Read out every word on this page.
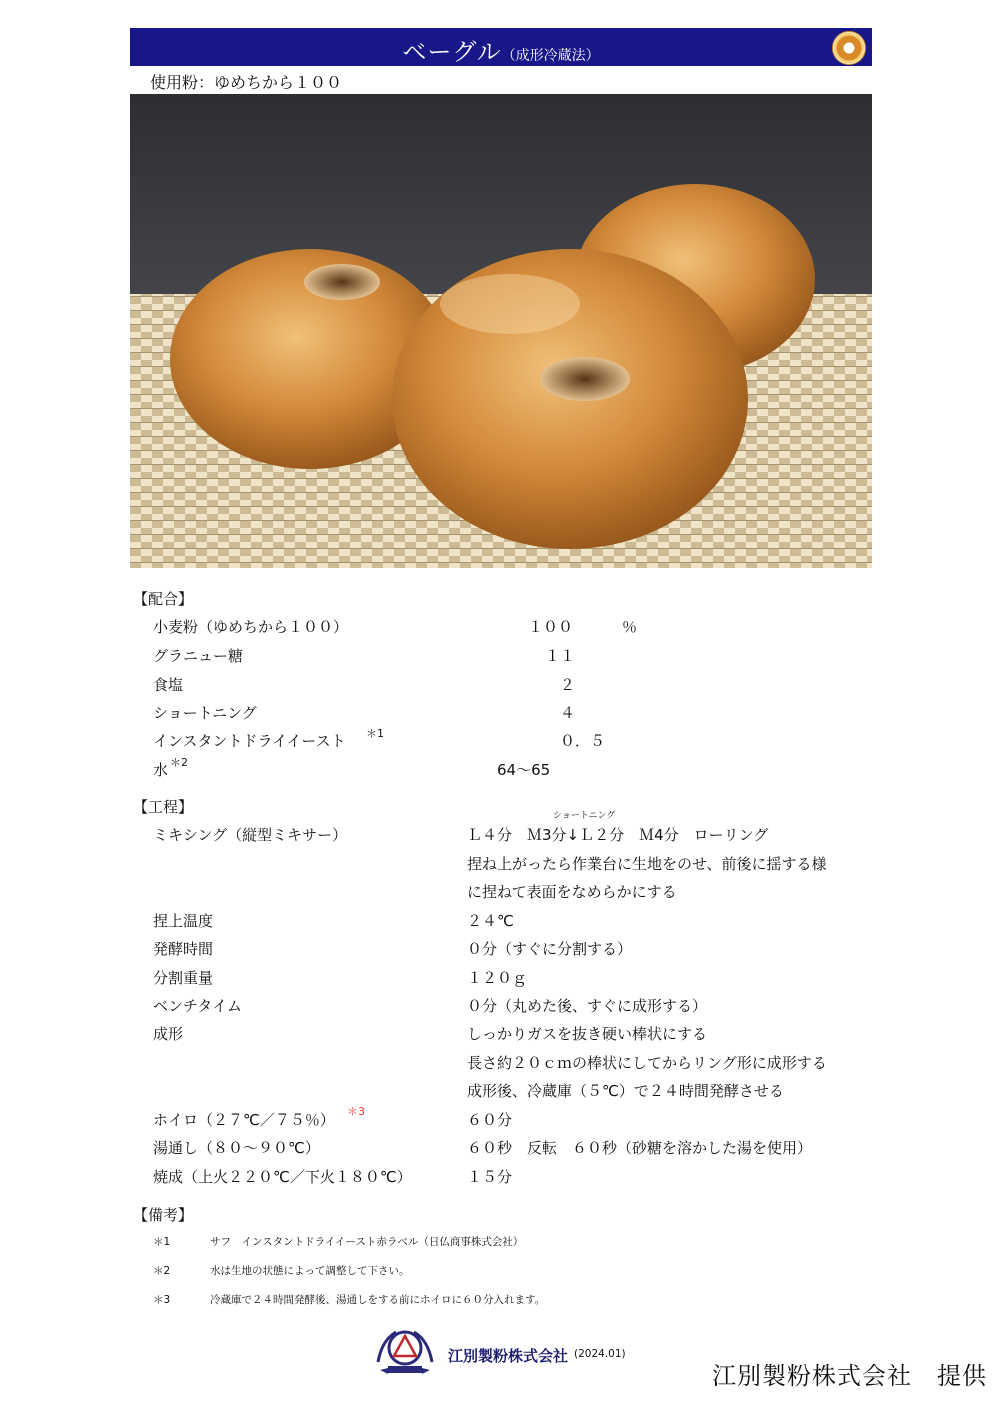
ベーグル（成形冷蔵法）
使用粉：ゆめちから１００
【配合】
小麦粉（ゆめちから１００）	１００	％
グラニュー糖	１１
食塩	２
ショートニング	４
インスタントドライイースト ＊1	０．５
水 ＊2	64～65
【工程】	ショートニング
ミキシング（縦型ミキサー）	Ｌ４分　Ｍ3分↓Ｌ２分　Ｍ4分　ローリング
捏ね上がったら作業台に生地をのせ、前後に揺する様
に捏ねて表面をなめらかにする
捏上温度	２４℃
発酵時間	０分（すぐに分割する）
分割重量	１２０ｇ
ベンチタイム	０分（丸めた後、すぐに成形する）
成形	しっかりガスを抜き硬い棒状にする
長さ約２０ｃｍの棒状にしてからリング形に成形する
成形後、冷蔵庫（５℃）で２４時間発酵させる
ホイロ（２７℃／７５％） ＊3	６０分
湯通し（８０～９０℃）	６０秒　反転　６０秒（砂糖を溶かした湯を使用）
焼成（上火２２０℃／下火１８０℃）	１５分
【備考】
＊1	サフ　インスタントドライイースト赤ラベル（日仏商事株式会社）
＊2	水は生地の状態によって調整して下さい。
＊3	冷蔵庫で２４時間発酵後、湯通しをする前にホイロに６０分入れます。
江別製粉株式会社 (2024.01)
江別製粉株式会社　提供
